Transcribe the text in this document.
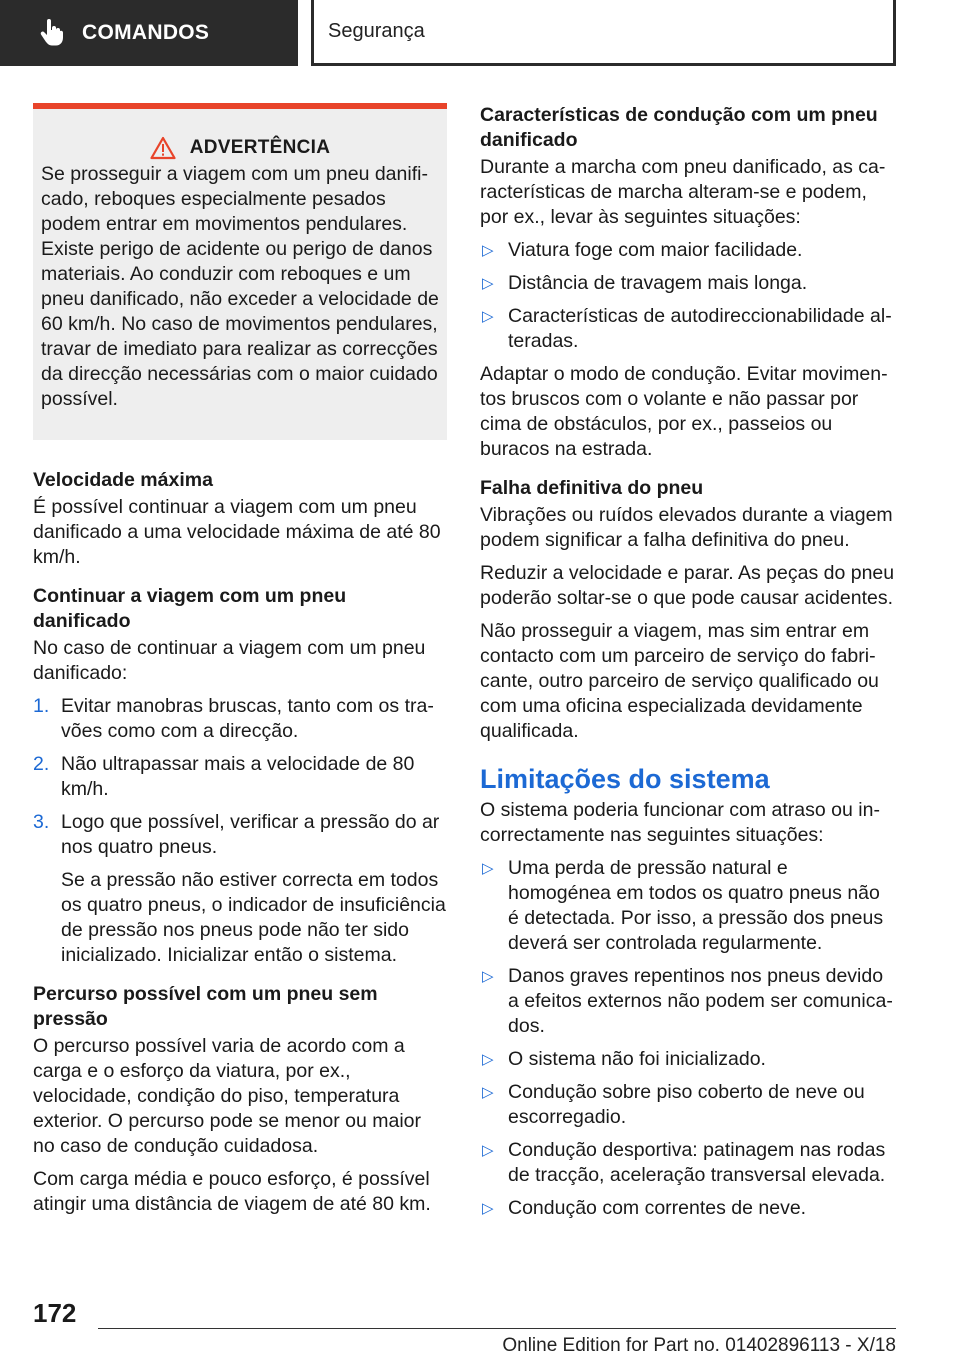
COMANDOS	Segurança
ADVERTÊNCIA

Se prosseguir a viagem com um pneu danificado, reboques especialmente pesados podem entrar em movimentos pendulares. Existe perigo de acidente ou perigo de danos materiais. Ao conduzir com reboques e um pneu danificado, não exceder a velocidade de 60 km/h. No caso de movimentos pendulares, travar de imediato para realizar as correcções da direcção necessárias com o maior cuidado possível.

Velocidade máxima

É possível continuar a viagem com um pneu danificado a uma velocidade máxima de até 80 km/h.

Continuar a viagem com um pneu danificado

No caso de continuar a viagem com um pneu danificado:

1. Evitar manobras bruscas, tanto com os travões como com a direcção.
2. Não ultrapassar mais a velocidade de 80 km/h.
3. Logo que possível, verificar a pressão do ar nos quatro pneus.

Se a pressão não estiver correcta em todos os quatro pneus, o indicador de insuficiência de pressão nos pneus pode não ter sido inicializado. Inicializar então o sistema.

Percurso possível com um pneu sem pressão

O percurso possível varia de acordo com a carga e o esforço da viatura, por ex., velocidade, condição do piso, temperatura exterior. O percurso pode se menor ou maior no caso de condução cuidadosa.

Com carga média e pouco esforço, é possível atingir uma distância de viagem de até 80 km.

Características de condução com um pneu danificado

Durante a marcha com pneu danificado, as características de marcha alteram-se e podem, por ex., levar às seguintes situações:

▷ Viatura foge com maior facilidade.
▷ Distância de travagem mais longa.
▷ Características de autodireccionabilidade alteradas.

Adaptar o modo de condução. Evitar movimentos bruscos com o volante e não passar por cima de obstáculos, por ex., passeios ou buracos na estrada.

Falha definitiva do pneu

Vibrações ou ruídos elevados durante a viagem podem significar a falha definitiva do pneu.

Reduzir a velocidade e parar. As peças do pneu poderão soltar-se o que pode causar acidentes.

Não prosseguir a viagem, mas sim entrar em contacto com um parceiro de serviço do fabricante, outro parceiro de serviço qualificado ou com uma oficina especializada devidamente qualificada.

Limitações do sistema

O sistema poderia funcionar com atraso ou incorrectamente nas seguintes situações:

▷ Uma perda de pressão natural e homogénea em todos os quatro pneus não é detectada. Por isso, a pressão dos pneus deverá ser controlada regularmente.
▷ Danos graves repentinos nos pneus devido a efeitos externos não podem ser comunicados.
▷ O sistema não foi inicializado.
▷ Condução sobre piso coberto de neve ou escorregadio.
▷ Condução desportiva: patinagem nas rodas de tracção, aceleração transversal elevada.
▷ Condução com correntes de neve.
172
Online Edition for Part no. 01402896113 - X/18
